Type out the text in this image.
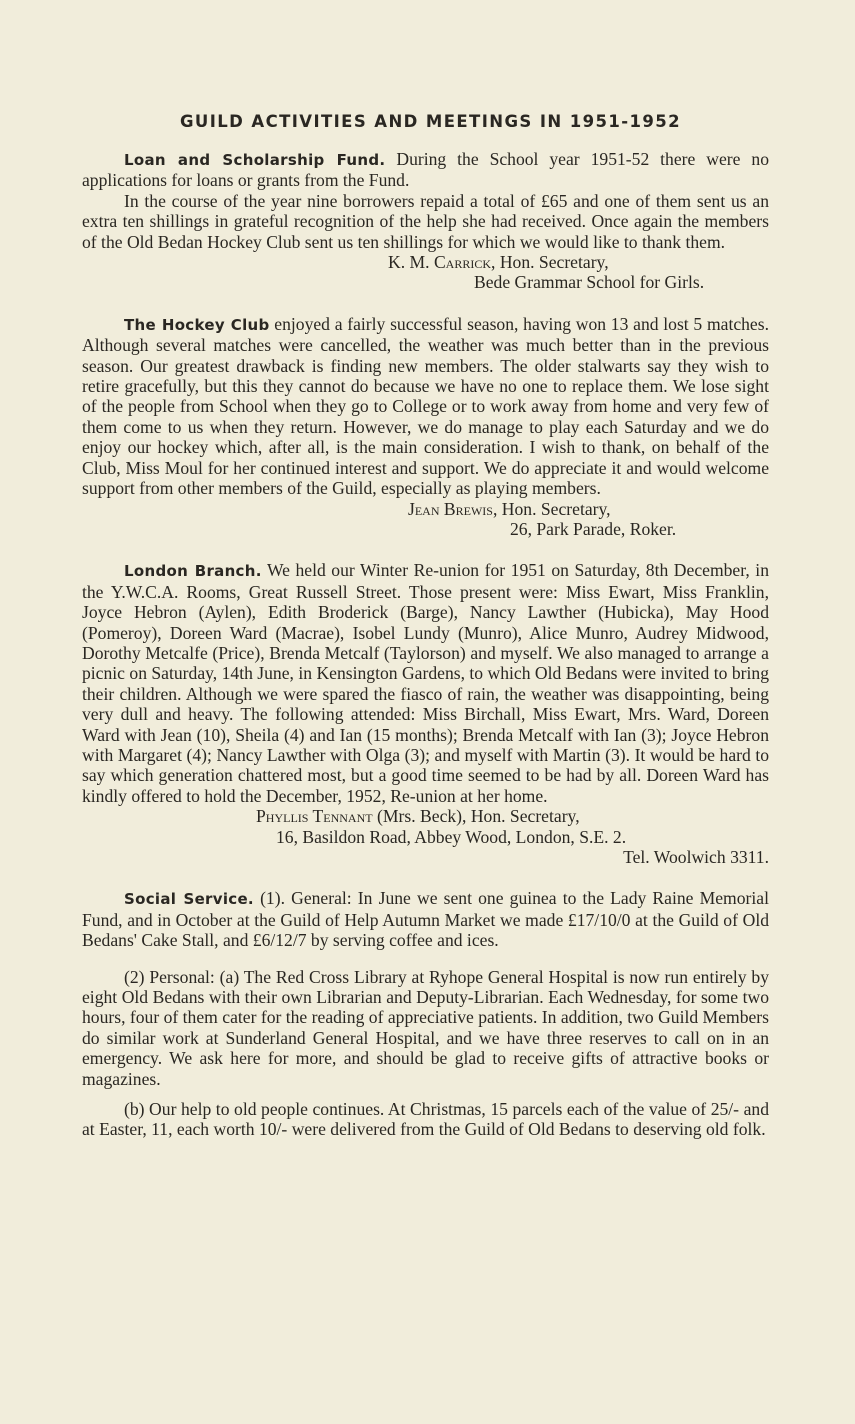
GUILD ACTIVITIES AND MEETINGS IN 1951-1952

Loan and Scholarship Fund. During the School year 1951-52 there were no applications for loans or grants from the Fund.

In the course of the year nine borrowers repaid a total of £65 and one of them sent us an extra ten shillings in grateful recognition of the help she had received. Once again the members of the Old Bedan Hockey Club sent us ten shillings for which we would like to thank them.

K. M. Carrick, Hon. Secretary,
Bede Grammar School for Girls.

The Hockey Club enjoyed a fairly successful season, having won 13 and lost 5 matches. Although several matches were cancelled, the weather was much better than in the previous season. Our greatest drawback is finding new members. The older stalwarts say they wish to retire gracefully, but this they cannot do because we have no one to replace them. We lose sight of the people from School when they go to College or to work away from home and very few of them come to us when they return. However, we do manage to play each Saturday and we do enjoy our hockey which, after all, is the main consideration. I wish to thank, on behalf of the Club, Miss Moul for her continued interest and support. We do appreciate it and would welcome support from other members of the Guild, especially as playing members.

Jean Brewis, Hon. Secretary,
26, Park Parade, Roker.

London Branch. We held our Winter Re-union for 1951 on Saturday, 8th December, in the Y.W.C.A. Rooms, Great Russell Street. Those present were: Miss Ewart, Miss Franklin, Joyce Hebron (Aylen), Edith Broderick (Barge), Nancy Lawther (Hubicka), May Hood (Pomeroy), Doreen Ward (Macrae), Isobel Lundy (Munro), Alice Munro, Audrey Midwood, Dorothy Metcalfe (Price), Brenda Metcalf (Taylorson) and myself. We also managed to arrange a picnic on Saturday, 14th June, in Kensington Gardens, to which Old Bedans were invited to bring their children. Although we were spared the fiasco of rain, the weather was disappointing, being very dull and heavy. The following attended: Miss Birchall, Miss Ewart, Mrs. Ward, Doreen Ward with Jean (10), Sheila (4) and Ian (15 months); Brenda Metcalf with Ian (3); Joyce Hebron with Margaret (4); Nancy Lawther with Olga (3); and myself with Martin (3). It would be hard to say which generation chattered most, but a good time seemed to be had by all. Doreen Ward has kindly offered to hold the December, 1952, Re-union at her home.

Phyllis Tennant (Mrs. Beck), Hon. Secretary,
16, Basildon Road, Abbey Wood, London, S.E. 2.
Tel. Woolwich 3311.

Social Service. (1). General: In June we sent one guinea to the Lady Raine Memorial Fund, and in October at the Guild of Help Autumn Market we made £17/10/0 at the Guild of Old Bedans' Cake Stall, and £6/12/7 by serving coffee and ices.

(2) Personal: (a) The Red Cross Library at Ryhope General Hospital is now run entirely by eight Old Bedans with their own Librarian and Deputy-Librarian. Each Wednesday, for some two hours, four of them cater for the reading of appreciative patients. In addition, two Guild Members do similar work at Sunderland General Hospital, and we have three reserves to call on in an emergency. We ask here for more, and should be glad to receive gifts of attractive books or magazines.

(b) Our help to old people continues. At Christmas, 15 parcels each of the value of 25/- and at Easter, 11, each worth 10/- were delivered from the Guild of Old Bedans to deserving old folk.
